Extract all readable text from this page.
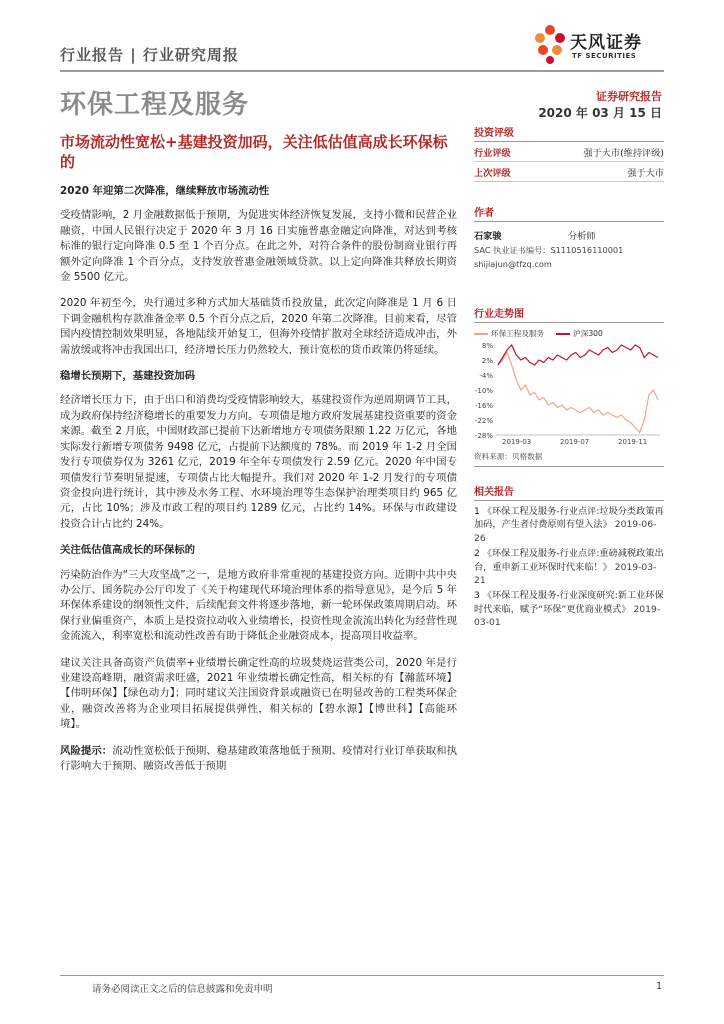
行业报告 | 行业研究周报
天风证券
TF SECURITIES
环保工程及服务	证券研究报告
2020 年 03 月 15 日
市场流动性宽松+基建投资加码，关注低估值高成长环保标的
2020 年迎第二次降准，继续释放市场流动性

受疫情影响，2 月金融数据低于预期，为促进实体经济恢复发展，支持小微和民营企业融资，中国人民银行决定于 2020 年 3 月 16 日实施普惠金融定向降准，对达到考核标准的银行定向降准 0.5 至 1 个百分点。在此之外，对符合条件的股份制商业银行再额外定向降准 1 个百分点，支持发放普惠金融领域贷款。以上定向降准共释放长期资金 5500 亿元。

2020 年初至今，央行通过多种方式加大基础货币投放量，此次定向降准是 1 月 6 日下调金融机构存款准备金率 0.5 个百分点之后，2020 年第二次降准。目前来看，尽管国内疫情控制效果明显，各地陆续开始复工，但海外疫情扩散对全球经济造成冲击，外需放缓或将冲击我国出口，经济增长压力仍然较大，预计宽松的货币政策仍将延续。

稳增长预期下，基建投资加码

经济增长压力下，由于出口和消费均受疫情影响较大，基建投资作为逆周期调节工具，成为政府保持经济稳增长的重要发力方向。专项债是地方政府发展基建投资重要的资金来源。截至 2 月底，中国财政部已提前下达新增地方专项债务限额 1.22 万亿元，各地实际发行新增专项债务 9498 亿元，占提前下达额度的 78%。而 2019 年 1-2 月全国发行专项债券仅为 3261 亿元，2019 年全年专项债发行 2.59 亿元。2020 年中国专项债发行节奏明显提速，专项债占比大幅提升。我们对 2020 年 1-2 月发行的专项债资金投向进行统计，其中涉及水务工程、水环境治理等生态保护治理类项目约 965 亿元，占比 10%；涉及市政工程的项目约 1289 亿元，占比约 14%。环保与市政建设投资合计占比约 24%。

关注低估值高成长的环保标的

污染防治作为“三大攻坚战”之一，是地方政府非常重视的基建投资方向。近期中共中央办公厅、国务院办公厅印发了《关于构建现代环境治理体系的指导意见》，是今后 5 年环保体系建设的纲领性文件，后续配套文件将逐步落地，新一轮环保政策周期启动。环保行业偏重资产，本质上是投资拉动收入业绩增长，投资性现金流流出转化为经营性现金流流入，利率宽松和流动性改善有助于降低企业融资成本，提高项目收益率。

建议关注具备高资产负债率+业绩增长确定性高的垃圾焚烧运营类公司，2020 年是行业建设高峰期，融资需求旺盛，2021 年业绩增长确定性高，相关标的有【瀚蓝环境】【伟明环保】【绿色动力】；同时建议关注国资背景或融资已在明显改善的工程类环保企业，融资改善将为企业项目拓展提供弹性，相关标的【碧水源】【博世科】【高能环境】。

风险提示：流动性宽松低于预期、稳基建政策落地低于预期、疫情对行业订单获取和执行影响大于预期、融资改善低于预期

投资评级
行业评级	强于大市(维持评级)
上次评级	强于大市
作者
石家骏	分析师
SAC 执业证书编号：S1110516110001
shijiajun@tfzq.com
行业走势图
环保工程及服务	沪深300
8%
2%
-4%
-10%
-16%
-22%
-28%
2019-03	2019-07	2019-11
资料来源：贝格数据
相关报告
1 《环保工程及服务-行业点评:垃圾分类政策再加码，产生者付费原则有望入法》 2019-06-26
2 《环保工程及服务-行业点评:重磅减税政策出台，重申新工业环保时代来临！》 2019-03-21
3 《环保工程及服务-行业深度研究:新工业环保时代来临，赋予“环保”更优商业模式》 2019-03-01
请务必阅读正文之后的信息披露和免责申明	1
